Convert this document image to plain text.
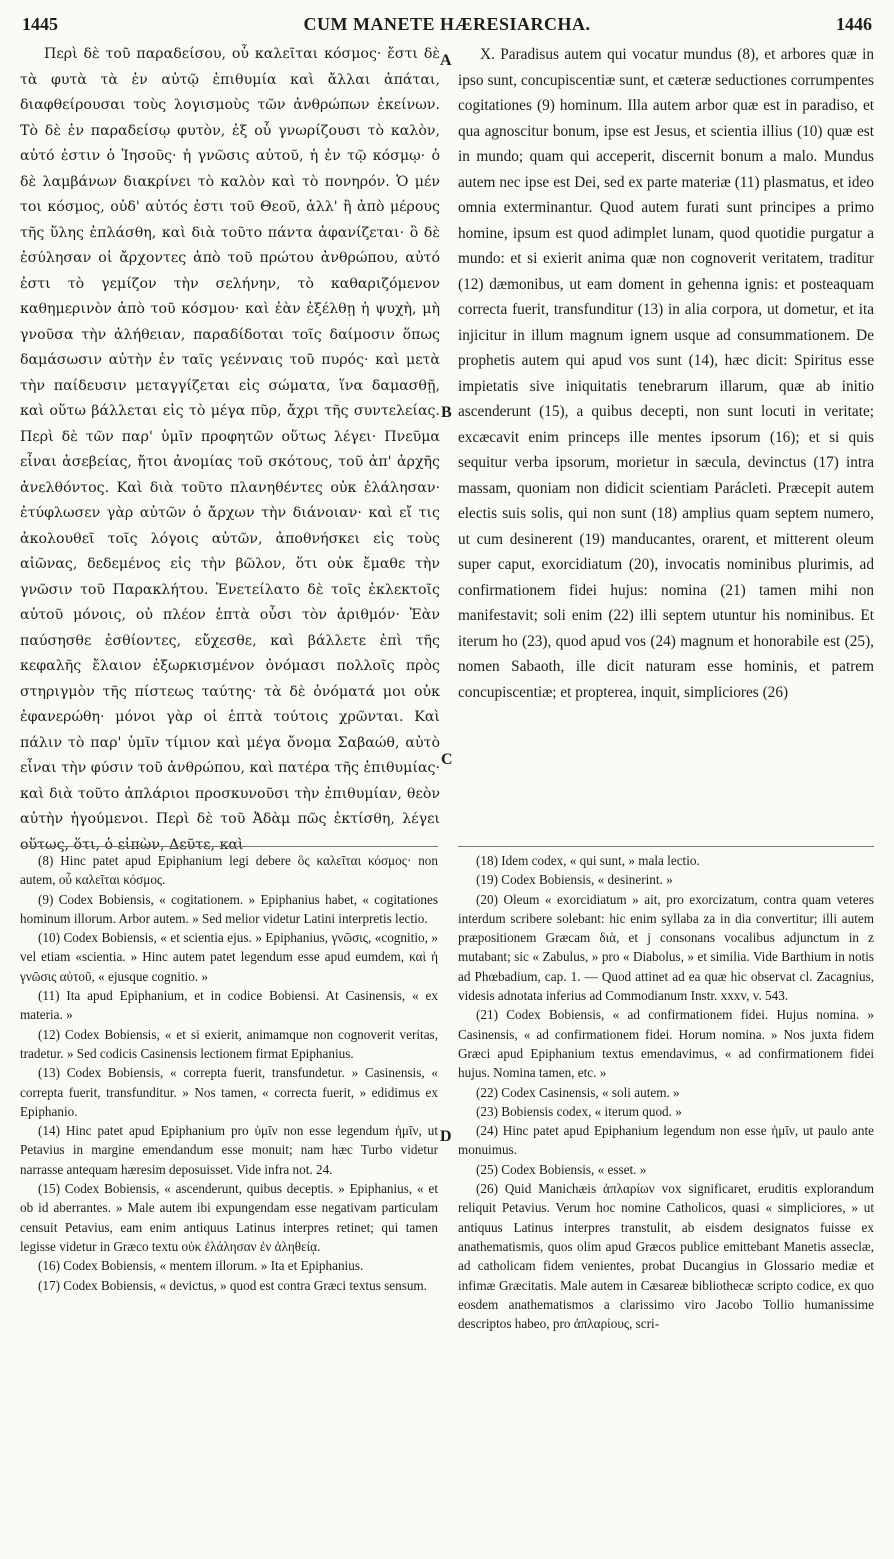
1445	CUM MANETE HÆRESIARCHA.	1446

Περὶ δὲ τοῦ παραδείσου, οὗ καλεῖται κόσμος· ἔστι δὲ τὰ φυτὰ τὰ ἐν αὐτῷ ἐπιθυμία καὶ ἄλλαι ἀπάται, διαφθείρουσαι τοὺς λογισμοὺς τῶν ἀνθρώπων ἐκείνων. Τὸ δὲ ἐν παραδείσῳ φυτὸν, ἐξ οὗ γνωρίζουσι τὸ καλὸν, αὐτό ἐστιν ὁ Ἰησοῦς· ἡ γνῶσις αὐτοῦ, ἡ ἐν τῷ κόσμῳ· ὁ δὲ λαμβάνων διακρίνει τὸ καλὸν καὶ τὸ πονηρόν. Ὁ μέν τοι κόσμος, οὐδ' αὐτός ἐστι τοῦ Θεοῦ, ἀλλ' ἢ ἀπὸ μέρους τῆς ὕλης ἐπλάσθη, καὶ διὰ τοῦτο πάντα ἀφανίζεται· ὃ δὲ ἐσύλησαν οἱ ἄρχοντες ἀπὸ τοῦ πρώτου ἀνθρώπου, αὐτό ἐστι τὸ γεμίζον τὴν σελήνην, τὸ καθαριζόμενον καθημερινὸν ἀπὸ τοῦ κόσμου· καὶ ἐὰν ἐξέλθῃ ἡ ψυχὴ, μὴ γνοῦσα τὴν ἀλήθειαν, παραδίδοται τοῖς δαίμοσιν ὅπως δαμάσωσιν αὐτὴν ἐν ταῖς γεένναις τοῦ πυρός· καὶ μετὰ τὴν παίδευσιν μεταγγίζεται εἰς σώματα, ἵνα δαμασθῇ, καὶ οὕτω βάλλεται εἰς τὸ μέγα πῦρ, ἄχρι τῆς συντελείας. Περὶ δὲ τῶν παρ' ὑμῖν προφητῶν οὕτως λέγει· Πνεῦμα εἶναι ἀσεβείας, ἤτοι ἀνομίας τοῦ σκότους, τοῦ ἀπ' ἀρχῆς ἀνελθόντος. Καὶ διὰ τοῦτο πλανηθέντες οὐκ ἐλάλησαν· ἐτύφλωσεν γὰρ αὐτῶν ὁ ἄρχων τὴν διάνοιαν· καὶ εἴ τις ἀκολουθεῖ τοῖς λόγοις αὐτῶν, ἀποθνήσκει εἰς τοὺς αἰῶνας, δεδεμένος εἰς τὴν βῶλον, ὅτι οὐκ ἔμαθε τὴν γνῶσιν τοῦ Παρακλήτου. Ἐνετείλατο δὲ τοῖς ἐκλεκτοῖς αὐτοῦ μόνοις, οὐ πλέον ἑπτὰ οὖσι τὸν ἀριθμόν· Ἐὰν παύσησθε ἐσθίοντες, εὔχεσθε, καὶ βάλλετε ἐπὶ τῆς κεφαλῆς ἔλαιον ἐξωρκισμένον ὀνόμασι πολλοῖς πρὸς στηριγμὸν τῆς πίστεως ταύτης· τὰ δὲ ὀνόματά μοι οὐκ ἐφανερώθη· μόνοι γὰρ οἱ ἑπτὰ τούτοις χρῶνται. Καὶ πάλιν τὸ παρ' ὑμῖν τίμιον καὶ μέγα ὄνομα Σαβαώθ, αὐτὸ εἶναι τὴν φύσιν τοῦ ἀνθρώπου, καὶ πατέρα τῆς ἐπιθυμίας· καὶ διὰ τοῦτο ἀπλάριοι προσκυνοῦσι τὴν ἐπιθυμίαν, θεὸν αὐτὴν ἡγούμενοι. Περὶ δὲ τοῦ Ἀδὰμ πῶς ἐκτίσθη, λέγει οὕτως, ὅτι, ὁ εἰπὼν, Δεῦτε, καὶ

A
B
C
D

X. Paradisus autem qui vocatur mundus (8), et arbores quæ in ipso sunt, concupiscentiæ sunt, et cæteræ seductiones corrumpentes cogitationes (9) hominum. Illa autem arbor quæ est in paradiso, et qua agnoscitur bonum, ipse est Jesus, et scientia illius (10) quæ est in mundo; quam qui acceperit, discernit bonum a malo. Mundus autem nec ipse est Dei, sed ex parte materiæ (11) plasmatus, et ideo omnia exterminantur. Quod autem furati sunt principes a primo homine, ipsum est quod adimplet lunam, quod quotidie purgatur a mundo: et si exierit anima quæ non cognoverit veritatem, traditur (12) dæmonibus, ut eam doment in gehenna ignis: et posteaquam correcta fuerit, transfunditur (13) in alia corpora, ut dometur, et ita injicitur in illum magnum ignem usque ad consummationem. De prophetis autem qui apud vos sunt (14), hæc dicit: Spiritus esse impietatis sive iniquitatis tenebrarum illarum, quæ ab initio ascenderunt (15), a quibus decepti, non sunt locuti in veritate; excæcavit enim princeps ille mentes ipsorum (16); et si quis sequitur verba ipsorum, morietur in sæcula, devinctus (17) intra massam, quoniam non didicit scientiam Parácleti. Præcepit autem electis suis solis, qui non sunt (18) amplius quam septem numero, ut cum desinerent (19) manducantes, orarent, et mitterent oleum super caput, exorcidiatum (20), invocatis nominibus plurimis, ad confirmationem fidei hujus: nomina (21) tamen mihi non manifestavit; soli enim (22) illi septem utuntur his nominibus. Et iterum ho (23), quod apud vos (24) magnum et honorabile est (25), nomen Sabaoth, ille dicit naturam esse hominis, et patrem concupiscentiæ; et propterea, inquit, simpliciores (26)

(8) Hinc patet apud Epiphanium legi debere ὃς καλεῖται κόσμος· non autem, οὗ καλεῖται κόσμος.

(9) Codex Bobiensis, « cogitationem. » Epiphanius habet, « cogitationes hominum illorum. Arbor autem. » Sed melior videtur Latini interpretis lectio.

(10) Codex Bobiensis, « et scientia ejus. » Epiphanius, γνῶσις, «cognitio, » vel etiam «scientia. » Hinc autem patet legendum esse apud eumdem, καὶ ἡ γνῶσις αὐτοῦ, « ejusque cognitio. »

(11) Ita apud Epiphanium, et in codice Bobiensi. At Casinensis, « ex materia. »

(12) Codex Bobiensis, « et si exierit, animamque non cognoverit veritas, tradetur. » Sed codicis Casinensis lectionem firmat Epiphanius.

(13) Codex Bobiensis, « correpta fuerit, transfundetur. » Casinensis, « correpta fuerit, transfunditur. » Nos tamen, « correcta fuerit, » edidimus ex Epiphanio.

(14) Hinc patet apud Epiphanium pro ὑμῖν non esse legendum ἡμῖν, ut Petavius in margine emendandum esse monuit; nam hæc Turbo videtur narrasse antequam hæresim deposuisset. Vide infra not. 24.

(15) Codex Bobiensis, « ascenderunt, quibus deceptis. » Epiphanius, « et ob id aberrantes. » Male autem ibi expungendam esse negativam particulam censuit Petavius, eam enim antiquus Latinus interpres retinet; qui tamen legisse videtur in Græco textu οὐκ ἐλάλησαν ἐν ἀληθείᾳ.

(16) Codex Bobiensis, « mentem illorum. » Ita et Epiphanius.

(17) Codex Bobiensis, « devictus, » quod est contra Græci textus sensum.

(18) Idem codex, « qui sunt, » mala lectio.

(19) Codex Bobiensis, « desinerint. »

(20) Oleum « exorcidiatum » ait, pro exorcizatum, contra quam veteres interdum scribere solebant: hic enim syllaba za in dia convertitur; illi autem præpositionem Græcam διὰ, et j consonans vocalibus adjunctum in z mutabant; sic « Zabulus, » pro « Diabolus, » et similia. Vide Barthium in notis ad Phœbadium, cap. 1. — Quod attinet ad ea quæ hic observat cl. Zacagnius, videsis adnotata inferius ad Commodianum Instr. xxxv, v. 543.

(21) Codex Bobiensis, « ad confirmationem fidei. Hujus nomina. » Casinensis, « ad confirmationem fidei. Horum nomina. » Nos juxta fidem Græci apud Epiphanium textus emendavimus, « ad confirmationem fidei hujus. Nomina tamen, etc. »

(22) Codex Casinensis, « soli autem. »

(23) Bobiensis codex, « iterum quod. »

(24) Hinc patet apud Epiphanium legendum non esse ἡμῖν, ut paulo ante monuimus.

(25) Codex Bobiensis, « esset. »

(26) Quid Manichæis ἀπλαρίων vox significaret, eruditis explorandum reliquit Petavius. Verum hoc nomine Catholicos, quasi « simpliciores, » ut antiquus Latinus interpres transtulit, ab eisdem designatos fuisse ex anathematismis, quos olim apud Græcos publice emittebant Manetis asseclæ, ad catholicam fidem venientes, probat Ducangius in Glossario mediæ et infimæ Græcitatis. Male autem in Cæsareæ bibliothecæ scripto codice, ex quo eosdem anathematismos a clarissimo viro Jacobo Tollio humanissime descriptos habeo, pro ἀπλαρίους, scri-
